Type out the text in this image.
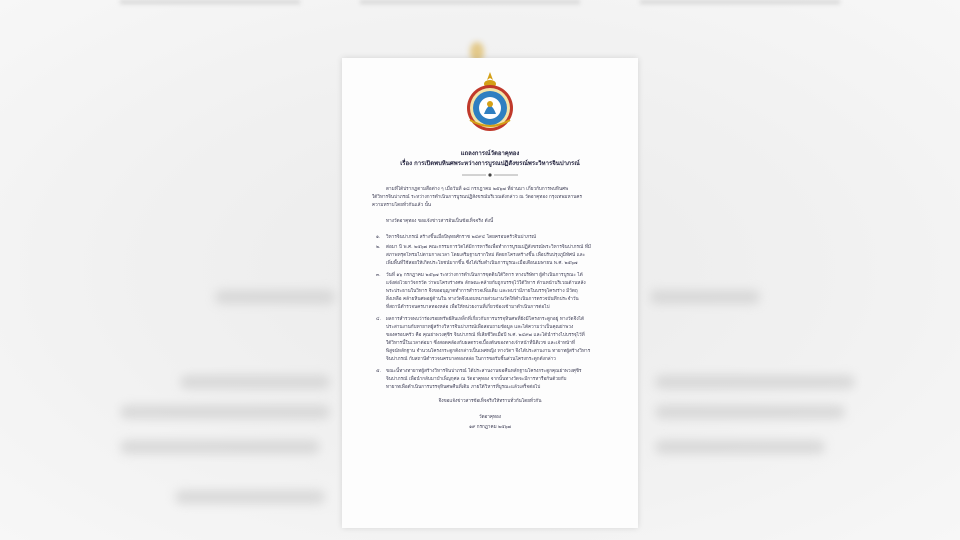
แถลงการณ์วัดอาคุทอง
เรื่อง การเปิดพบหินศพระหว่างการบูรณปฏิสังขรณ์พระวิหารจินปาภรณ์
ตามที่ได้ปรากฏตามสื่อต่าง ๆ เมื่อวันที่ ๑๘ กรกฎาคม ๒๕๖๗ ที่ผ่านมา เกี่ยวกับการพบหินศพ
ใต้วิหารจินปาภรณ์ ระหว่างการดำเนินการบูรณปฏิสังขรณ์บริเวณดังกล่าว ณ วัดอาคุทอง กรุงเทพมหานคร
ความทราบโดยทั่วกันแล้ว นั้น
ทางวัดอาคุทอง ขอแจ้งข่าวสารอันเป็นข้อเท็จจริง ดังนี้
๑. วิหารจินปาภรณ์ สร้างขึ้นเมื่อปีพุทธศักราช ๒๔๙๔ โดยครอบครัวจินปาภรณ์
๒. ต่อมา ปี พ.ศ. ๒๕๖๗ คณะกรรมการวัดได้มีการหารือเพื่อทำการบูรณปฏิสังขรณ์พระวิหารจินปาภรณ์ ที่มี
สภาพทรุดโทรมไปตามกาลเวลา โดยเสริมฐานรากใหม่ ดีดยกโครงสร้างขึ้น เพื่อปรับปรุงภูมิทัศน์ และ
เพิ่มพื้นที่ใช้สอยให้เกิดประโยชน์มากขึ้น ซึ่งได้เริ่มดำเนินการบูรณะเมื่อเดือนเมษายน พ.ศ. ๒๕๖๗
๓. วันที่ ๑๖ กรกฎาคม ๒๕๖๗ ระหว่างการดำเนินการขุดดินใต้วิหาร ทางบริษัทฯ ผู้ดำเนินการบูรณะ ได้
แจ้งต่อไวยาวัจกรวัด ว่าพบโครงร่างศพ ลักษณะคล้ายกับถูกบรรจุไว้ใต้วิหาร ด้านหน้าบริเวณด้านหลัง
พระประธานในวิหาร จึงขออนุญาตทำการสำรวจเพิ่มเติม และพบว่ามีภายในบรรจุโครงร่าง มีวัตถุ
สิ่งเหลือ คล้ายหินศพอยู่ด้านใน ทางวัดจึงมอบหมายส่วนงานวัดให้ดำเนินการตรวจบันทึกประจำวัน
ที่สถานีตำรวจนครบาลทองหล่อ เพื่อให้หน่วยงานที่เกี่ยวข้องเข้ามาดำเนินการต่อไป
๔. ผลการสำรวจพบว่าร่องรอยทรัพย์สินเหล็กที่เกี่ยวกับการบรรจุหินศพที่ยังมีโครงกระดูกอยู่ ทางวัดจึงได้
ประสานงานกับทายาทผู้สร้างวิหารจินปาภรณ์เพื่อสอบถามข้อมูล และได้ความว่าเป็นคุณย่าพวง
ของครอบครัว คือ คุณย่าพวงศุชิร จินปาภรณ์ ที่เสียชีวิตเมื่อปี พ.ศ. ๒๔๙๗ และได้นำร่างไปบรรจุไว้ที่
ใต้วิหารนี้ในเวลาต่อมา ซึ่งสอดคล้องกับผลตรวจเบื้องต้นของทางเจ้าหน้าที่นิติเวช และเจ้าหน้าที่
พิสูจน์หลักฐาน จำนวนโครงกระดูกดังกล่าวเป็นเพศหญิง ทางวัดฯ จึงได้ประสานงาน ทายาทผู้สร้างวิหาร
จินปาภรณ์ กับสถานีตำรวจนครบาลทองหล่อ ในการขอรับชิ้นส่วนโครงกระดูกดังกล่าว
๕. ขณะนี้ทางทายาทผู้สร้างวิหารจินปาภรณ์ ได้ประสานงานขอคืนหลักฐานโครงกระดูกคุณย่าพวงศุชิร
จินปาภรณ์ เพื่อนำกลับมาบำเพ็ญกุศล ณ วัดอาคุทอง จากนั้นทางวัดจะมีการหารือกันด้วยกับ
ทายาทเพื่อดำเนินการบรรจุหินศพคืนที่เดิม ภายใต้วิหารที่บูรณะแล้วเสร็จต่อไป
จึงขอแจ้งข่าวสารข้อเท็จจริงให้ทราบทั่วกันโดยทั่วกัน
วัดอาคุทอง
๑๙ กรกฎาคม ๒๕๖๗
